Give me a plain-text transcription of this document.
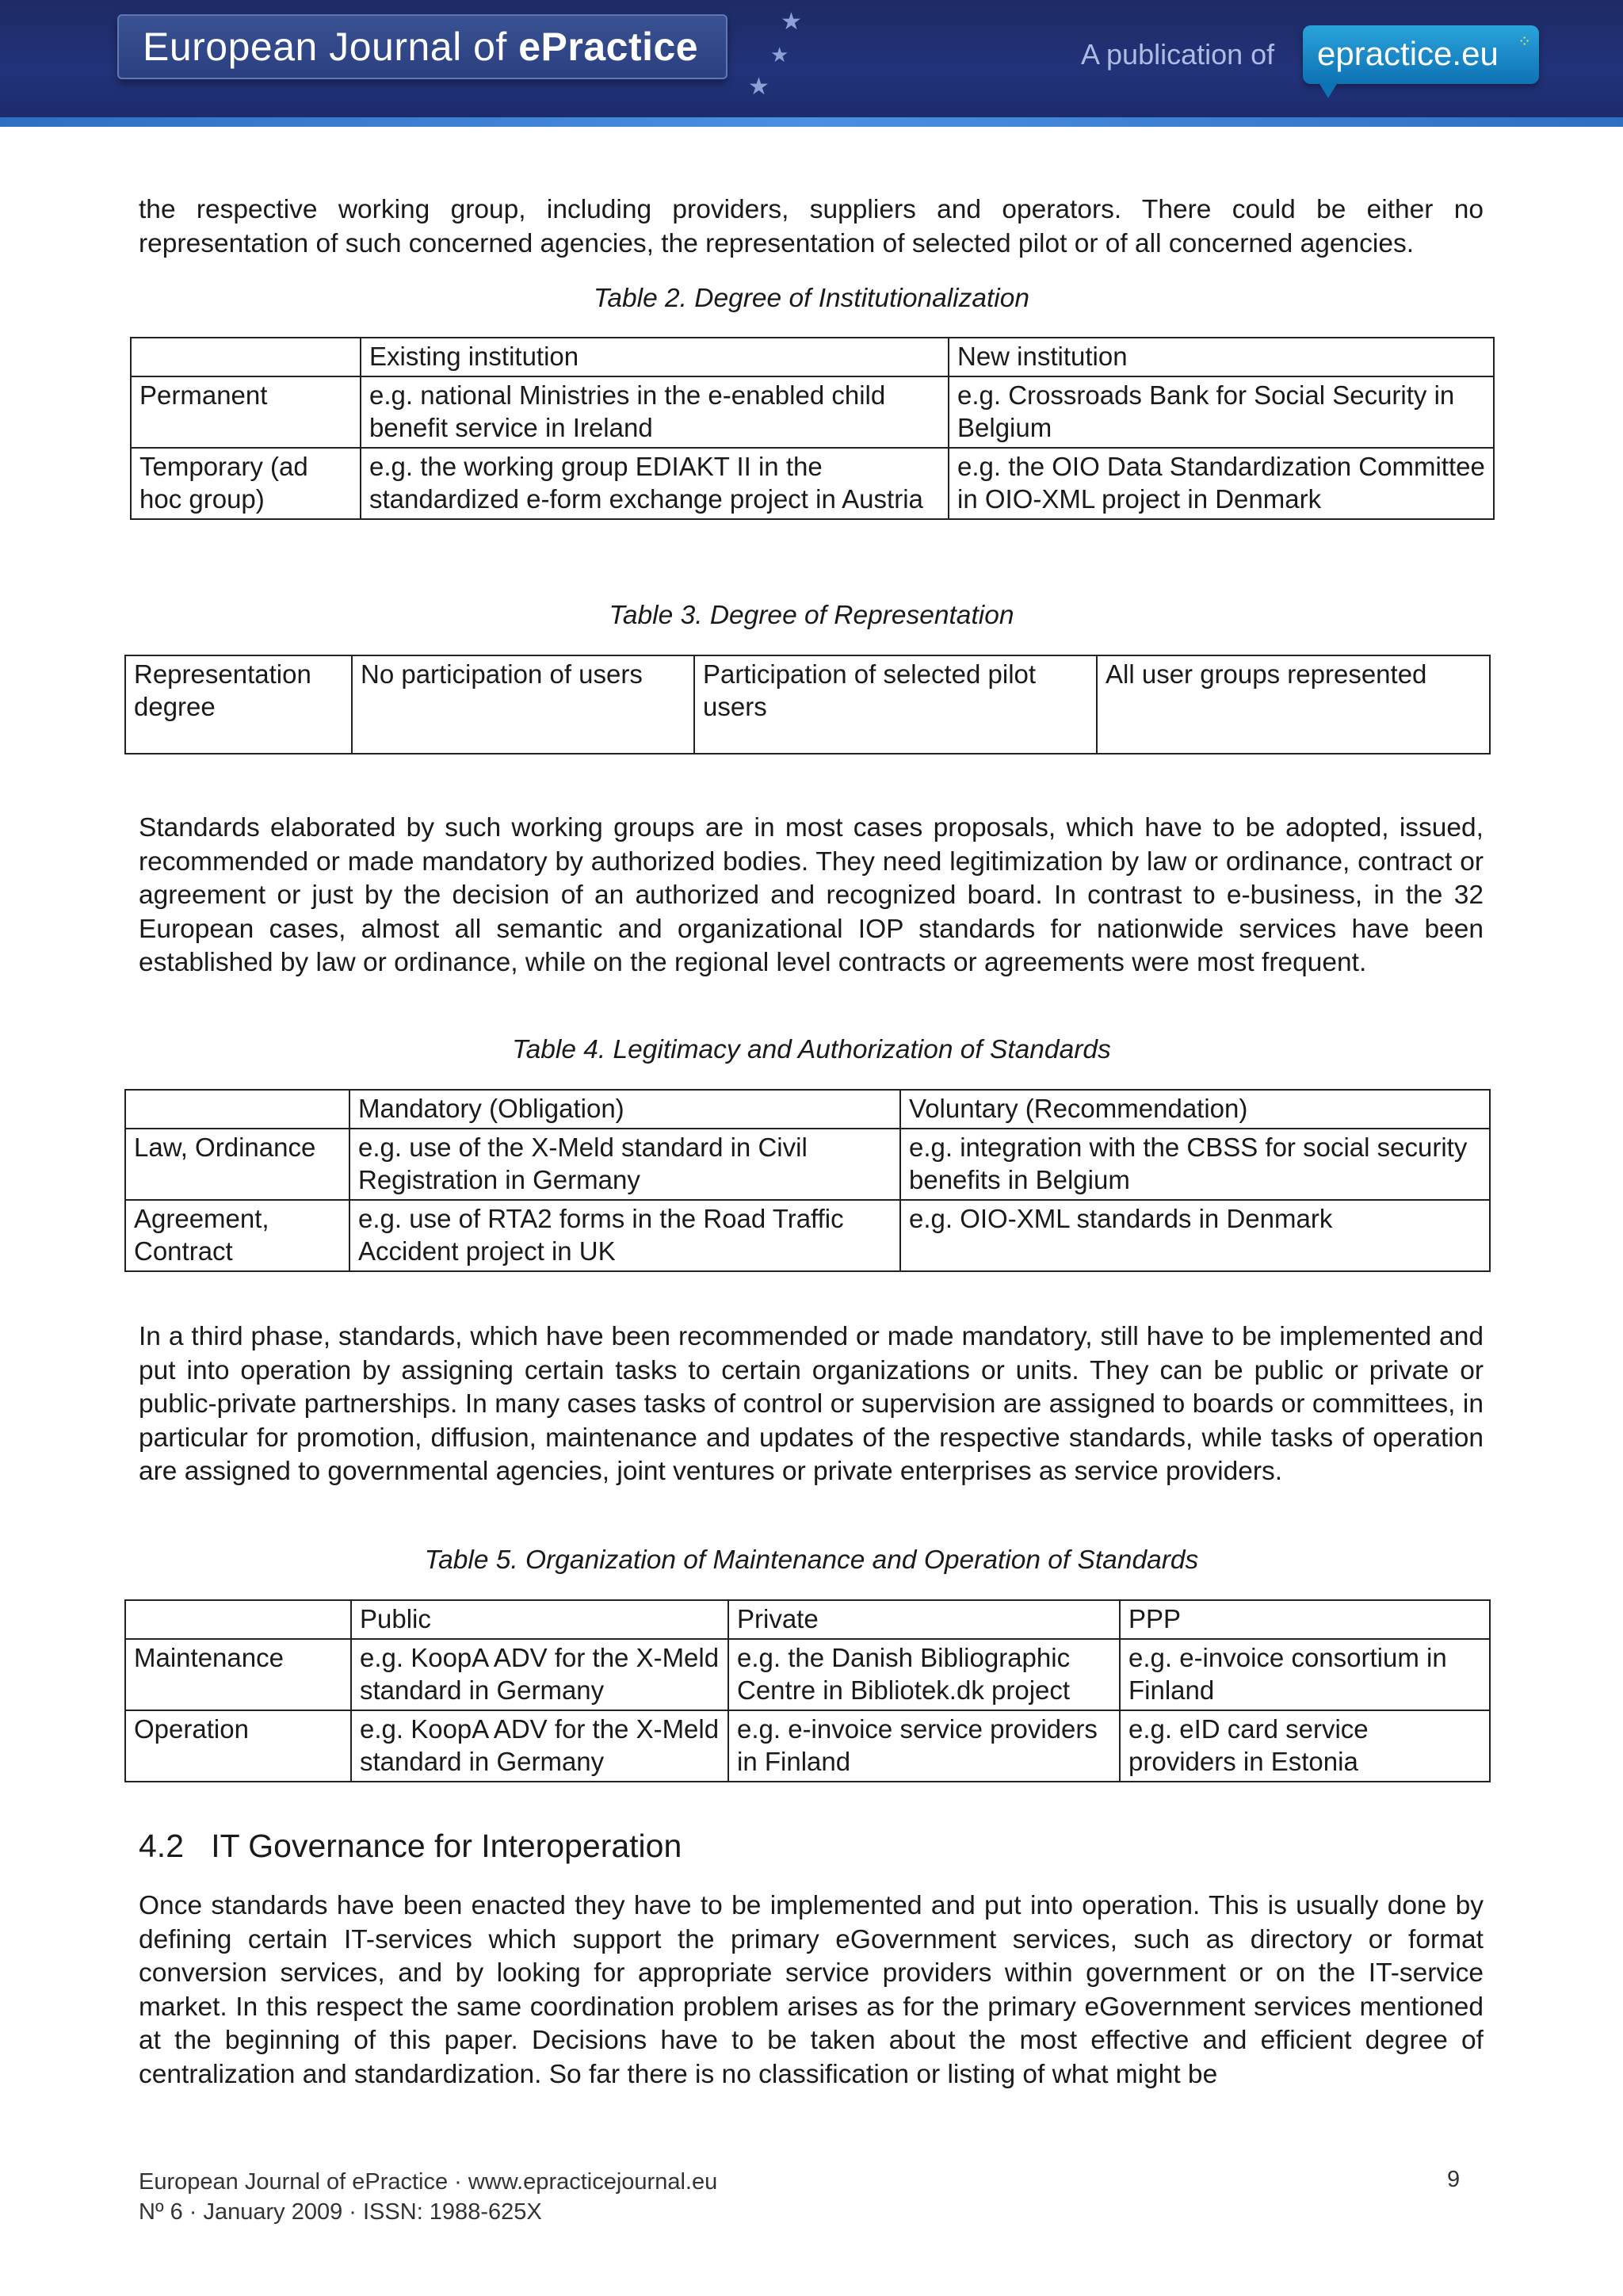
European Journal of ePractice
★
★
★
A publication of epractice.eu ⁘
the respective working group, including providers, suppliers and operators. There could be either no representation of such concerned agencies, the representation of selected pilot or of all concerned agencies.
Table 2. Degree of Institutionalization
	Existing institution	New institution
Permanent	e.g. national Ministries in the e-enabled child benefit service in Ireland	e.g. Crossroads Bank for Social Security in Belgium
Temporary (ad hoc group)	e.g. the working group EDIAKT II in the standardized e-form exchange project in Austria	e.g. the OIO Data Standardization Committee in OIO-XML project in Denmark
Table 3. Degree of Representation
Representation degree	No participation of users	Participation of selected pilot users	All user groups represented
Standards elaborated by such working groups are in most cases proposals, which have to be adopted, issued, recommended or made mandatory by authorized bodies. They need legitimization by law or ordinance, contract or agreement or just by the decision of an authorized and recognized board. In contrast to e-business, in the 32 European cases, almost all semantic and organizational IOP standards for nationwide services have been established by law or ordinance, while on the regional level contracts or agreements were most frequent.
Table 4. Legitimacy and Authorization of Standards
	Mandatory (Obligation)	Voluntary (Recommendation)
Law, Ordinance	e.g. use of the X-Meld standard in Civil Registration in Germany	e.g. integration with the CBSS for social security benefits in Belgium
Agreement, Contract	e.g. use of RTA2 forms in the Road Traffic Accident project in UK	e.g. OIO-XML standards in Denmark
In a third phase, standards, which have been recommended or made mandatory, still have to be implemented and put into operation by assigning certain tasks to certain organizations or units. They can be public or private or public-private partnerships. In many cases tasks of control or supervision are assigned to boards or committees, in particular for promotion, diffusion, maintenance and updates of the respective standards, while tasks of operation are assigned to governmental agencies, joint ventures or private enterprises as service providers.
Table 5. Organization of Maintenance and Operation of Standards
	Public	Private	PPP
Maintenance	e.g. KoopA ADV for the X-Meld standard in Germany	e.g. the Danish Bibliographic Centre in Bibliotek.dk project	e.g. e-invoice consortium in Finland
Operation	e.g. KoopA ADV for the X-Meld standard in Germany	e.g. e-invoice service providers in Finland	e.g. eID card service providers in Estonia
4.2 IT Governance for Interoperation
Once standards have been enacted they have to be implemented and put into operation. This is usually done by defining certain IT-services which support the primary eGovernment services, such as directory or format conversion services, and by looking for appropriate service providers within government or on the IT-service market. In this respect the same coordination problem arises as for the primary eGovernment services mentioned at the beginning of this paper. Decisions have to be taken about the most effective and efficient degree of centralization and standardization. So far there is no classification or listing of what might be
European Journal of ePractice · www.epracticejournal.eu
Nº 6 · January 2009 · ISSN: 1988-625X
9
